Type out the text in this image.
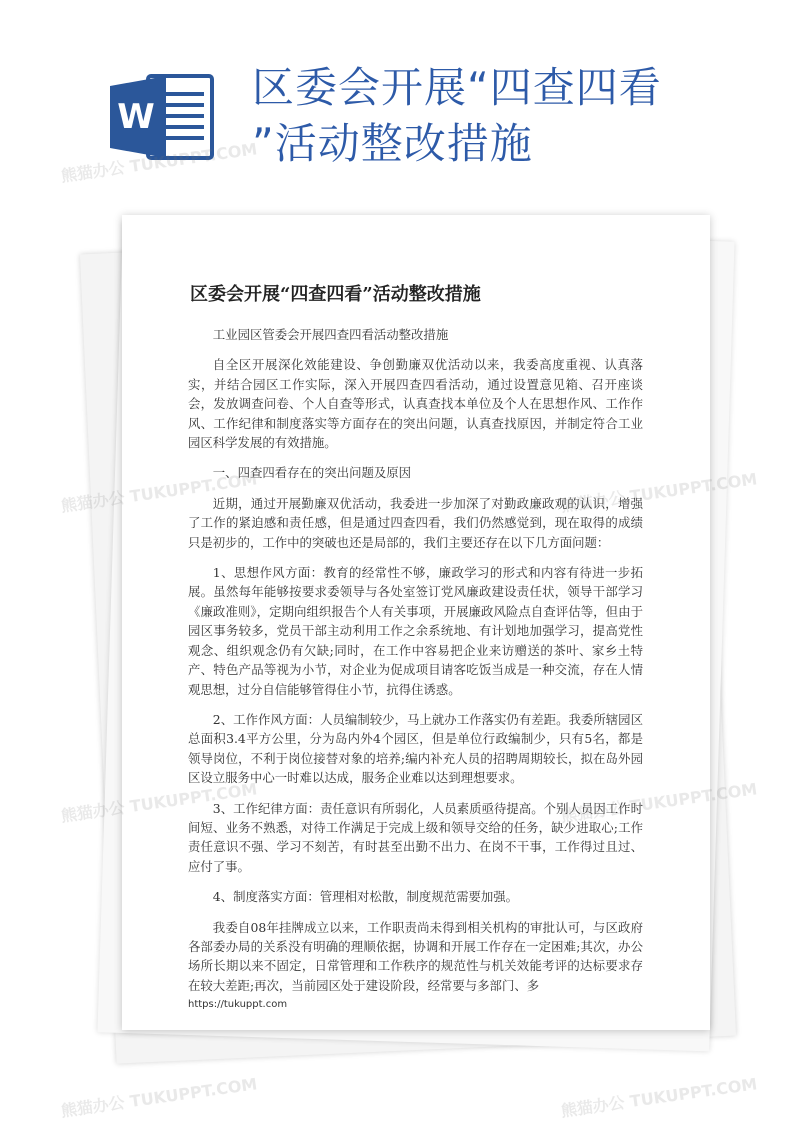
W
区委会开展“四查四看
”活动整改措施
区委会开展“四查四看”活动整改措施

工业园区管委会开展四查四看活动整改措施

自全区开展深化效能建设、争创勤廉双优活动以来，我委高度重视、认真落实，并结合园区工作实际，深入开展四查四看活动，通过设置意见箱、召开座谈会，发放调查问卷、个人自查等形式，认真查找本单位及个人在思想作风、工作作风、工作纪律和制度落实等方面存在的突出问题，认真查找原因，并制定符合工业园区科学发展的有效措施。

一、四查四看存在的突出问题及原因

近期，通过开展勤廉双优活动，我委进一步加深了对勤政廉政观的认识，增强了工作的紧迫感和责任感，但是通过四查四看，我们仍然感觉到，现在取得的成绩只是初步的，工作中的突破也还是局部的，我们主要还存在以下几方面问题：

1、思想作风方面：教育的经常性不够，廉政学习的形式和内容有待进一步拓展。虽然每年能够按要求委领导与各处室签订党风廉政建设责任状，领导干部学习《廉政准则》，定期向组织报告个人有关事项，开展廉政风险点自查评估等，但由于园区事务较多，党员干部主动利用工作之余系统地、有计划地加强学习，提高党性观念、组织观念仍有欠缺;同时，在工作中容易把企业来访赠送的茶叶、家乡土特产、特色产品等视为小节，对企业为促成项目请客吃饭当成是一种交流，存在人情观思想，过分自信能够管得住小节，抗得住诱惑。

2、工作作风方面：人员编制较少，马上就办工作落实仍有差距。我委所辖园区总面积3.4平方公里，分为岛内外4个园区，但是单位行政编制少，只有5名，都是领导岗位，不利于岗位接替对象的培养;编内补充人员的招聘周期较长，拟在岛外园区设立服务中心一时难以达成，服务企业难以达到理想要求。

3、工作纪律方面：责任意识有所弱化，人员素质亟待提高。个别人员因工作时间短、业务不熟悉，对待工作满足于完成上级和领导交给的任务，缺少进取心;工作责任意识不强、学习不刻苦，有时甚至出勤不出力、在岗不干事，工作得过且过、应付了事。

4、制度落实方面：管理相对松散，制度规范需要加强。

我委自08年挂牌成立以来，工作职责尚未得到相关机构的审批认可，与区政府各部委办局的关系没有明确的理顺依据，协调和开展工作存在一定困难;其次，办公场所长期以来不固定，日常管理和工作秩序的规范性与机关效能考评的达标要求存在较大差距;再次，当前园区处于建设阶段，经常要与多部门、多

https://tukuppt.com
熊猫办公 TUKUPPT.COM
熊猫办公
熊猫办公 TUKUPPT.COM	熊猫办公 TUKUPPT.COM
